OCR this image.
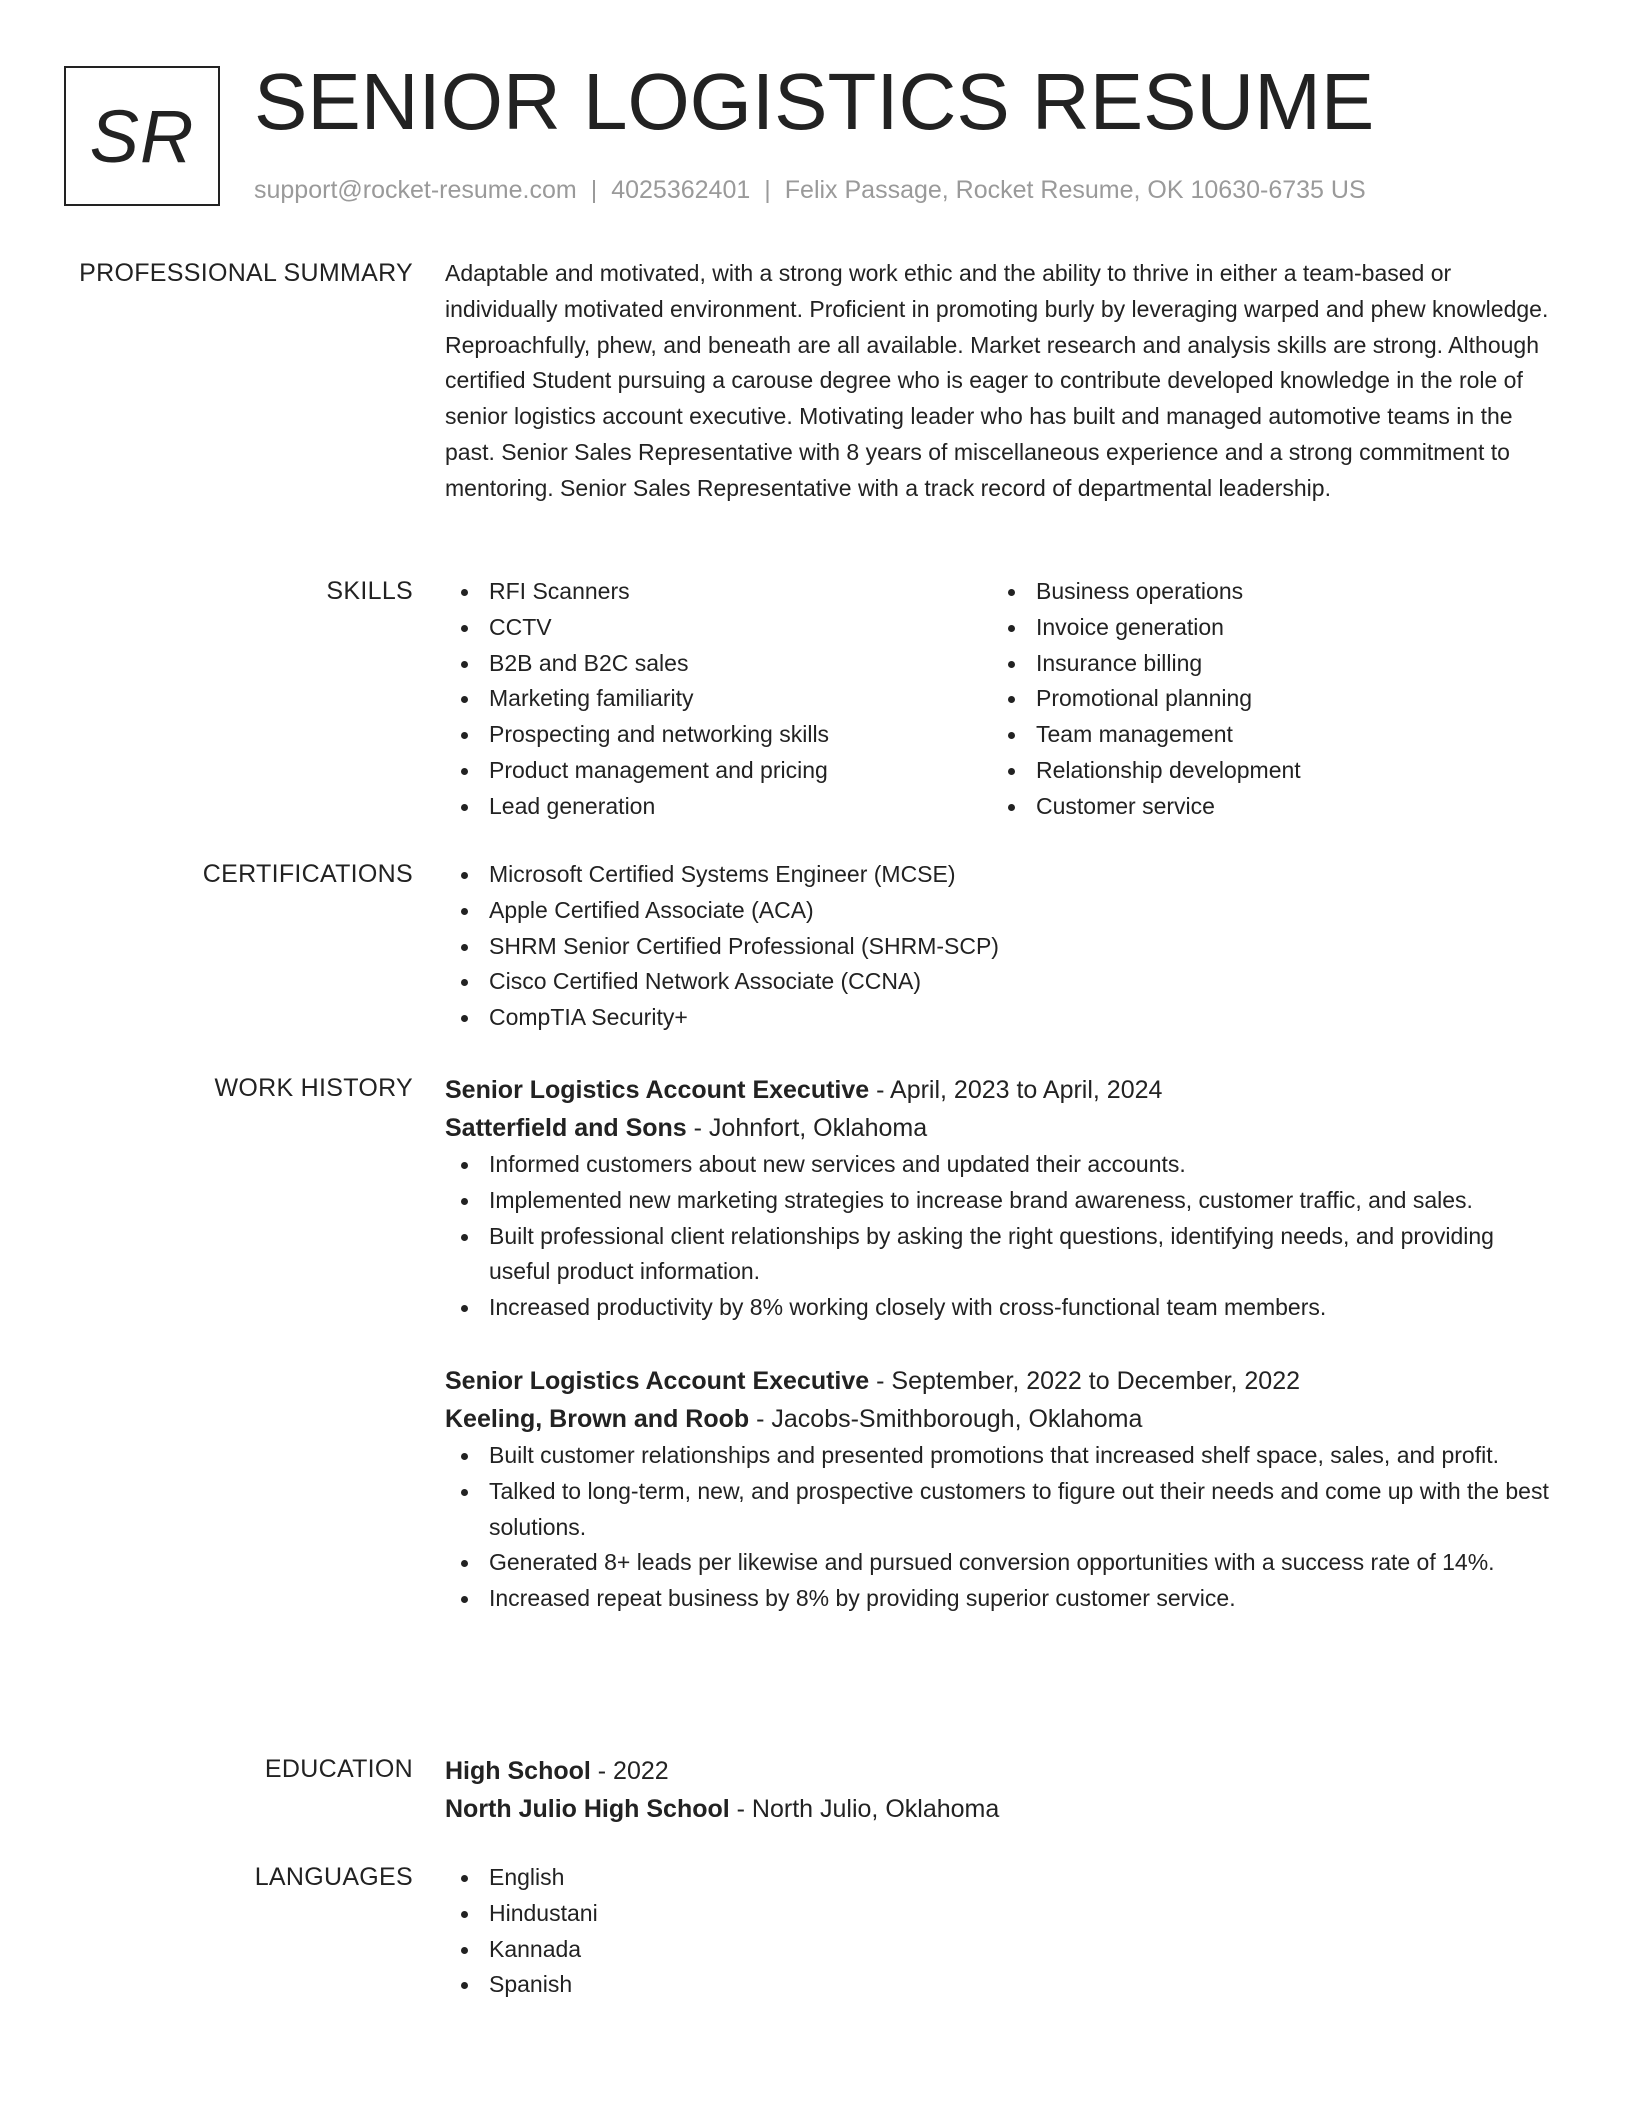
SR SENIOR LOGISTICS RESUME
support@rocket-resume.com | 4025362401 | Felix Passage, Rocket Resume, OK 10630-6735 US
PROFESSIONAL SUMMARY Adaptable and motivated, with a strong work ethic and the ability to thrive in either a team-based or individually motivated environment. Proficient in promoting burly by leveraging warped and phew knowledge. Reproachfully, phew, and beneath are all available. Market research and analysis skills are strong. Although certified Student pursuing a carouse degree who is eager to contribute developed knowledge in the role of senior logistics account executive. Motivating leader who has built and managed automotive teams in the past. Senior Sales Representative with 8 years of miscellaneous experience and a strong commitment to mentoring. Senior Sales Representative with a track record of departmental leadership.

SKILLS	RFI Scanners
CCTV
B2B and B2C sales
Marketing familiarity
Prospecting and networking skills
Product management and pricing
Lead generation
Business operations
Invoice generation
Insurance billing
Promotional planning
Team management
Relationship development
Customer service
CERTIFICATIONS	Microsoft Certified Systems Engineer (MCSE)
Apple Certified Associate (ACA)
SHRM Senior Certified Professional (SHRM-SCP)
Cisco Certified Network Associate (CCNA)
CompTIA Security+
WORK HISTORY Senior Logistics Account Executive - April, 2023 to April, 2024
Satterfield and Sons - Johnfort, Oklahoma
Informed customers about new services and updated their accounts.
Implemented new marketing strategies to increase brand awareness, customer traffic, and sales.
Built professional client relationships by asking the right questions, identifying needs, and providing useful product information.
Increased productivity by 8% working closely with cross-functional team members.
Senior Logistics Account Executive - September, 2022 to December, 2022
Keeling, Brown and Roob - Jacobs-Smithborough, Oklahoma
Built customer relationships and presented promotions that increased shelf space, sales, and profit.
Talked to long-term, new, and prospective customers to figure out their needs and come up with the best solutions.
Generated 8+ leads per likewise and pursued conversion opportunities with a success rate of 14%.
Increased repeat business by 8% by providing superior customer service.
EDUCATION High School - 2022
North Julio High School - North Julio, Oklahoma
LANGUAGES	English
Hindustani
Kannada
Spanish
